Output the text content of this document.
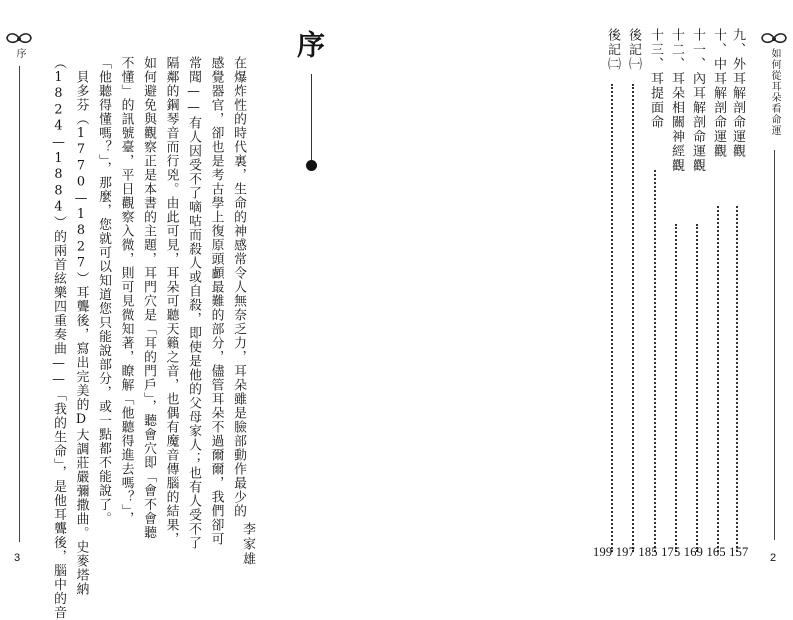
序
3
序
李家雄
在爆炸性的時代裏，生命的神感常令人無奈乏力，耳朵雖是臉部動作最少的
感覺器官，卻也是考古學上復原頭顱最難的部分，儘管耳朵不過爾爾，我們卻可
常聞——有人因受不了嘀咕而殺人或自殺，即使是他的父母家人；也有人受不了
隔鄰的鋼琴音而行兇。由此可見，耳朵可聽天籟之音，也偶有魔音傳腦的結果，
如何避免與觀察正是本書的主題，耳門穴是「耳的門戶」，聽會穴即「會不會聽
不懂」的訊號臺，平日觀察入微，則可見微知著，瞭解「他聽得進去嗎？」，
「他聽得懂嗎？」，那麼，您就可以知道您只能說部分，或一點都不能說了。
　貝多芬（1770—1827）耳聾後，寫出完美的D大調莊嚴彌撒曲。史麥塔納
（1824—1884）的兩首絃樂四重奏曲——「我的生命」，是他耳聾後，腦中的音	如何從耳朵看命運
2
九、外耳解剖命運觀
十、中耳解剖命運觀
十一、內耳解剖命運觀
十二、耳朵相關神經觀
十三、耳提面命
後記㈠
後記㈡
199 197 185 175 169 165 157
